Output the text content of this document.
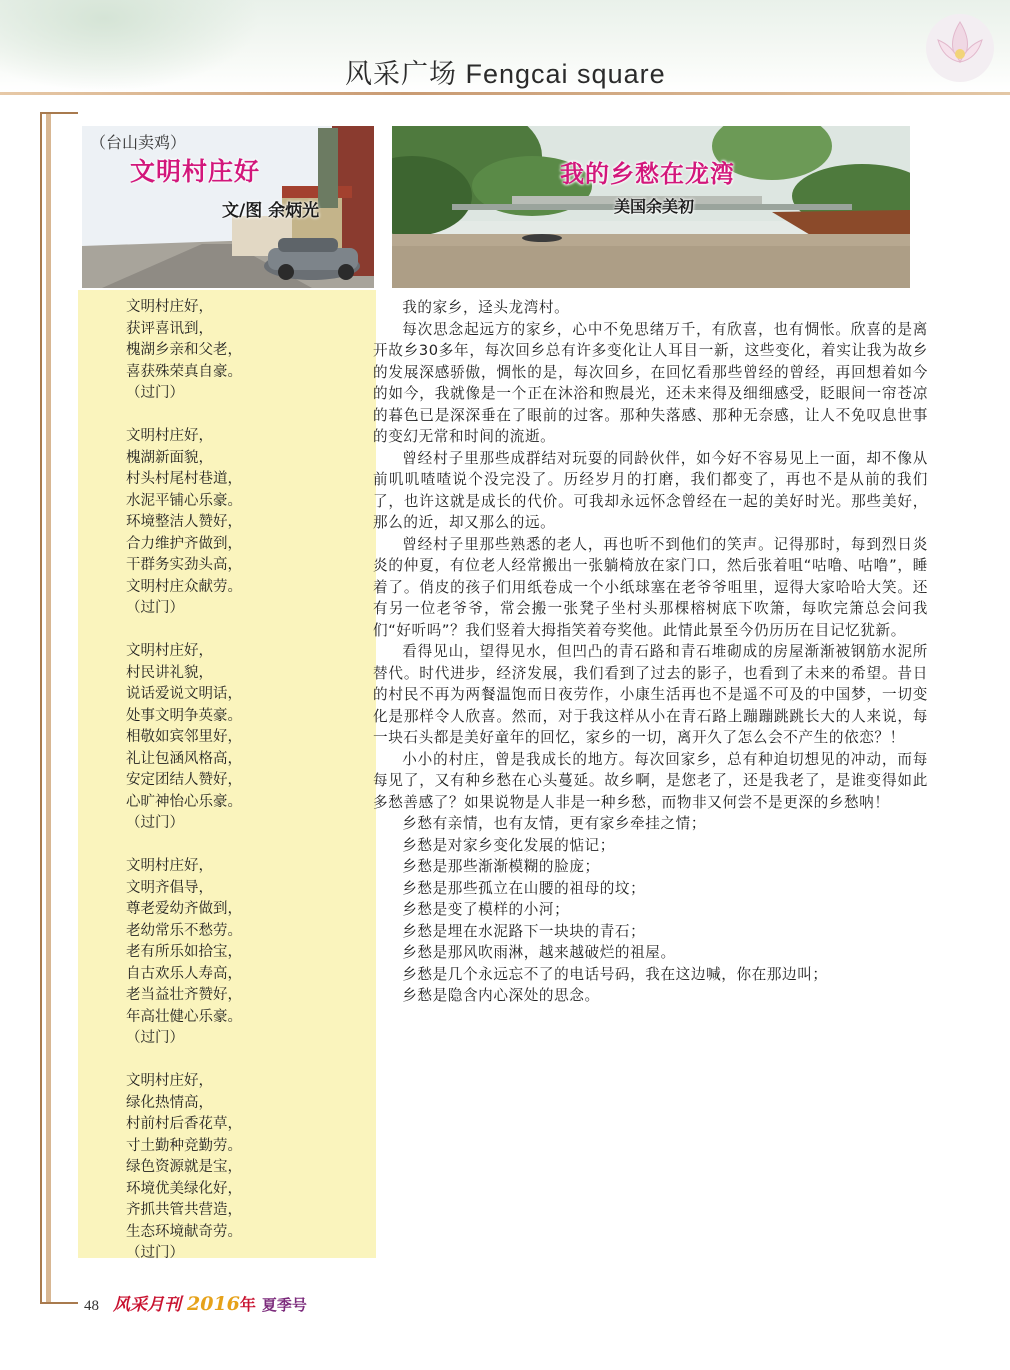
风采广场 Fengcai square
（台山卖鸡）
文明村庄好
文/图 余炳光
我的乡愁在龙湾
美国余美初
文明村庄好，
获评喜讯到，
槐湖乡亲和父老，
喜获殊荣真自豪。
（过门）
文明村庄好，
槐湖新面貌，
村头村尾村巷道，
水泥平铺心乐豪。
环境整洁人赞好，
合力维护齐做到，
干群务实劲头高，
文明村庄众献劳。
（过门）
文明村庄好，
村民讲礼貌，
说话爱说文明话，
处事文明争英豪。
相敬如宾邻里好，
礼让包涵风格高，
安定团结人赞好，
心旷神怡心乐豪。
（过门）
文明村庄好，
文明齐倡导，
尊老爱幼齐做到，
老幼常乐不愁劳。
老有所乐如拾宝，
自古欢乐人寿高，
老当益壮齐赞好，
年高壮健心乐豪。
（过门）
文明村庄好，
绿化热情高，
村前村后香花草，
寸土勤种竞勤劳。
绿色资源就是宝，
环境优美绿化好，
齐抓共管共营造，
生态环境献奇劳。
（过门）

我的家乡，迳头龙湾村。

每次思念起远方的家乡，心中不免思绪万千，有欣喜，也有惆怅。欣喜的是离开故乡30多年，每次回乡总有许多变化让人耳目一新，这些变化，着实让我为故乡的发展深感骄傲，惆怅的是，每次回乡，在回忆看那些曾经的曾经，再回想着如今的如今，我就像是一个正在沐浴和煦晨光，还未来得及细细感受，眨眼间一帘苍凉的暮色已是深深垂在了眼前的过客。那种失落感、那种无奈感，让人不免叹息世事的变幻无常和时间的流逝。

曾经村子里那些成群结对玩耍的同龄伙伴，如今好不容易见上一面，却不像从前叽叽喳喳说个没完没了。历经岁月的打磨，我们都变了，再也不是从前的我们了，也许这就是成长的代价。可我却永远怀念曾经在一起的美好时光。那些美好，那么的近，却又那么的远。

曾经村子里那些熟悉的老人，再也听不到他们的笑声。记得那时，每到烈日炎炎的仲夏，有位老人经常搬出一张躺椅放在家门口，然后张着咀“咕噜、咕噜”，睡着了。俏皮的孩子们用纸卷成一个小纸球塞在老爷爷咀里，逗得大家哈哈大笑。还有另一位老爷爷，常会搬一张凳子坐村头那棵榕树底下吹箫，每吹完箫总会问我们“好听吗”？我们竖着大拇指笑着夸奖他。此情此景至今仍历历在目记忆犹新。

看得见山，望得见水，但凹凸的青石路和青石堆砌成的房屋渐渐被钢筋水泥所替代。时代进步，经济发展，我们看到了过去的影子，也看到了未来的希望。昔日的村民不再为两餐温饱而日夜劳作，小康生活再也不是遥不可及的中国梦，一切变化是那样令人欣喜。然而，对于我这样从小在青石路上蹦蹦跳跳长大的人来说，每一块石头都是美好童年的回忆，家乡的一切，离开久了怎么会不产生的依恋？！

小小的村庄，曾是我成长的地方。每次回家乡，总有种迫切想见的冲动，而每每见了，又有种乡愁在心头蔓延。故乡啊，是您老了，还是我老了，是谁变得如此多愁善感了？如果说物是人非是一种乡愁，而物非又何尝不是更深的乡愁呐！

乡愁有亲情，也有友情，更有家乡牵挂之情；

乡愁是对家乡变化发展的惦记；

乡愁是那些渐渐模糊的脸庞；

乡愁是那些孤立在山腰的祖母的坟；

乡愁是变了模样的小河；

乡愁是埋在水泥路下一块块的青石；

乡愁是那风吹雨淋，越来越破烂的祖屋。

乡愁是几个永远忘不了的电话号码，我在这边喊，你在那边叫；

乡愁是隐含内心深处的思念。

48 风采月刊 2016 年 夏季号
